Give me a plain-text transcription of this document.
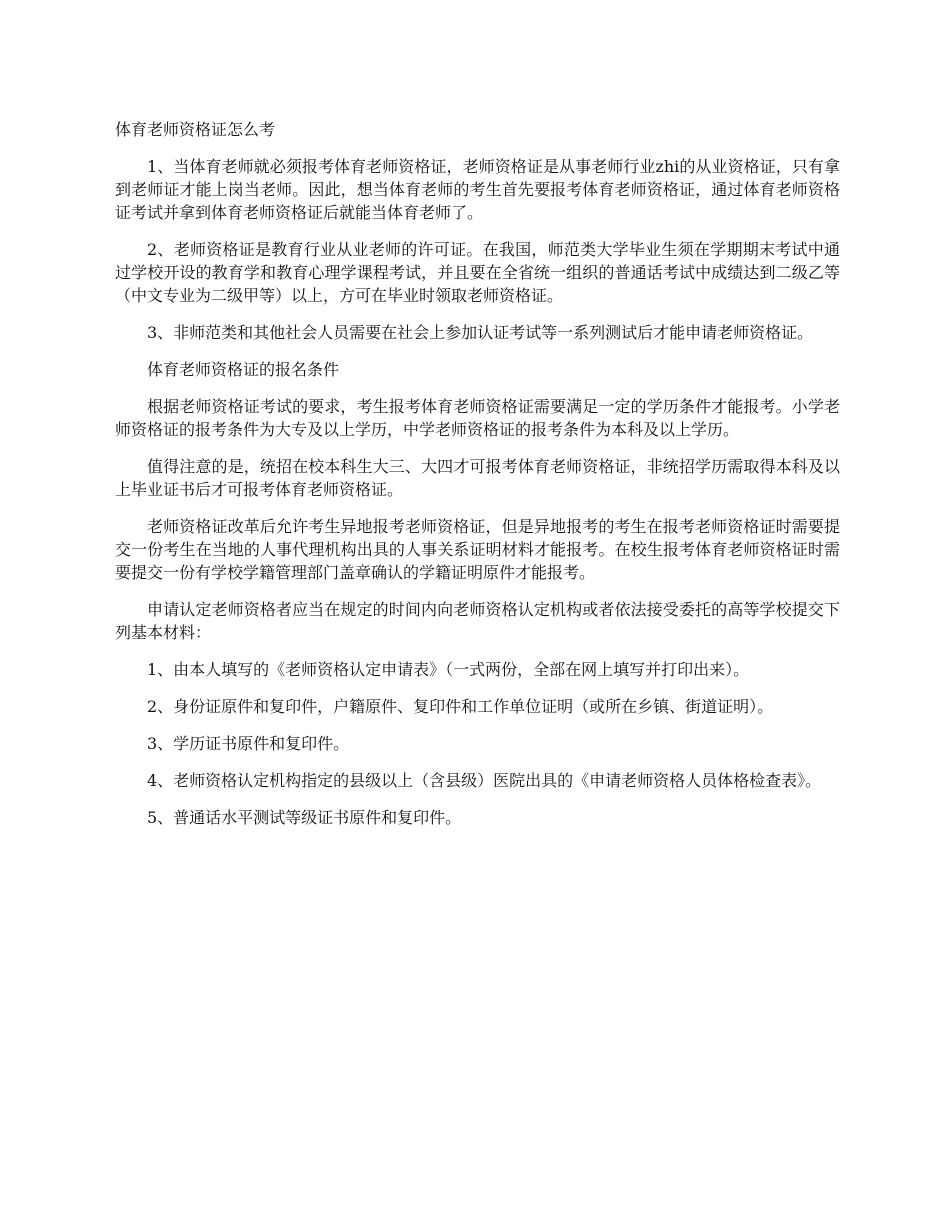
体育老师资格证怎么考

1、当体育老师就必须报考体育老师资格证，老师资格证是从事老师行业zhi的从业资格证，只有拿到老师证才能上岗当老师。因此，想当体育老师的考生首先要报考体育老师资格证，通过体育老师资格证考试并拿到体育老师资格证后就能当体育老师了。

2、老师资格证是教育行业从业老师的许可证。在我国，师范类大学毕业生须在学期期末考试中通过学校开设的教育学和教育心理学课程考试，并且要在全省统一组织的普通话考试中成绩达到二级乙等（中文专业为二级甲等）以上，方可在毕业时领取老师资格证。

3、非师范类和其他社会人员需要在社会上参加认证考试等一系列测试后才能申请老师资格证。

体育老师资格证的报名条件

根据老师资格证考试的要求，考生报考体育老师资格证需要满足一定的学历条件才能报考。小学老师资格证的报考条件为大专及以上学历，中学老师资格证的报考条件为本科及以上学历。

值得注意的是，统招在校本科生大三、大四才可报考体育老师资格证，非统招学历需取得本科及以上毕业证书后才可报考体育老师资格证。

老师资格证改革后允许考生异地报考老师资格证，但是异地报考的考生在报考老师资格证时需要提交一份考生在当地的人事代理机构出具的人事关系证明材料才能报考。在校生报考体育老师资格证时需要提交一份有学校学籍管理部门盖章确认的学籍证明原件才能报考。

申请认定老师资格者应当在规定的时间内向老师资格认定机构或者依法接受委托的高等学校提交下列基本材料：

1、由本人填写的《老师资格认定申请表》（一式两份，全部在网上填写并打印出来）。

2、身份证原件和复印件，户籍原件、复印件和工作单位证明（或所在乡镇、街道证明）。

3、学历证书原件和复印件。

4、老师资格认定机构指定的县级以上（含县级）医院出具的《申请老师资格人员体格检查表》。

5、普通话水平测试等级证书原件和复印件。
